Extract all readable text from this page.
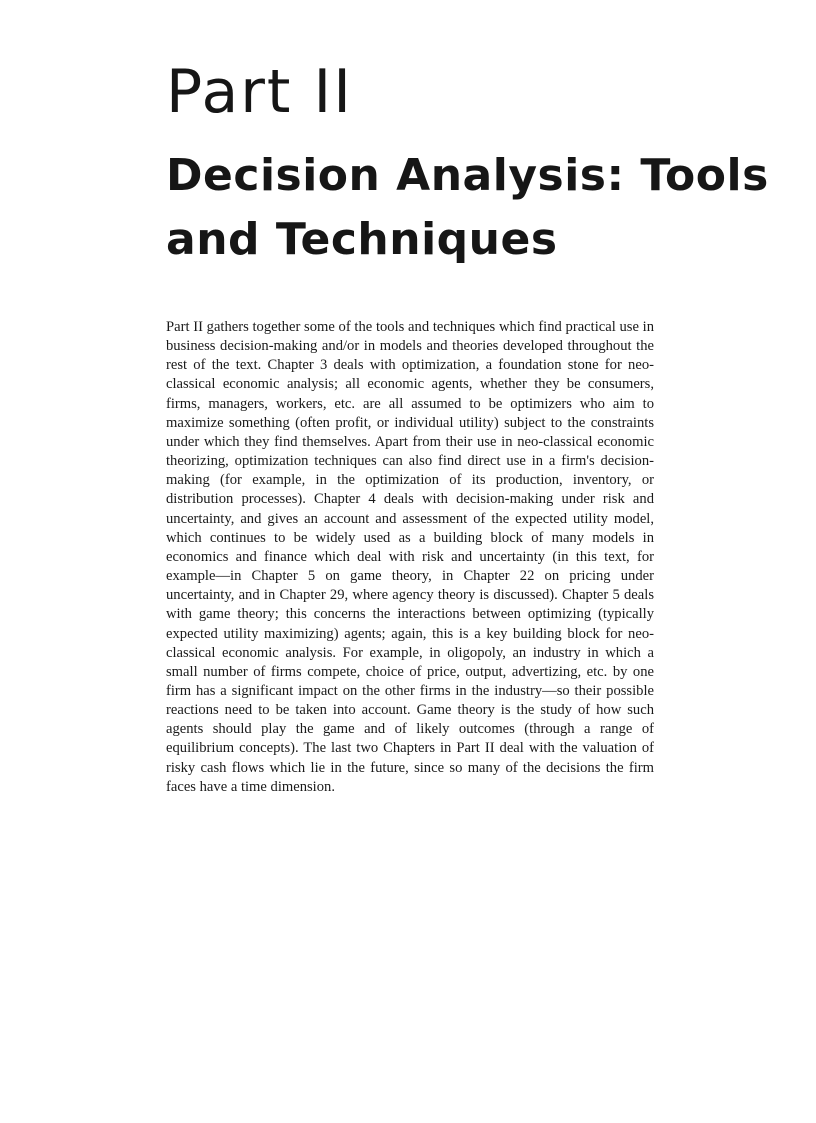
Part II
Decision Analysis: Tools and Techniques

Part II gathers together some of the tools and techniques which find practical use in business decision-making and/or in models and theories developed throughout the rest of the text. Chapter 3 deals with optimization, a foundation stone for neo-classical economic analysis; all economic agents, whether they be consumers, firms, managers, workers, etc. are all assumed to be optimizers who aim to maximize something (often profit, or individual utility) subject to the constraints under which they find themselves. Apart from their use in neo-classical economic theorizing, optimization techniques can also find direct use in a firm's decision-making (for example, in the optimization of its production, inventory, or distribution processes). Chapter 4 deals with decision-making under risk and uncertainty, and gives an account and assessment of the expected utility model, which continues to be widely used as a building block of many models in economics and finance which deal with risk and uncertainty (in this text, for example—in Chapter 5 on game theory, in Chapter 22 on pricing under uncertainty, and in Chapter 29, where agency theory is discussed). Chapter 5 deals with game theory; this concerns the interactions between optimizing (typically expected utility maximizing) agents; again, this is a key building block for neo-classical economic analysis. For example, in oligopoly, an industry in which a small number of firms compete, choice of price, output, advertizing, etc. by one firm has a significant impact on the other firms in the industry—so their possible reactions need to be taken into account. Game theory is the study of how such agents should play the game and of likely outcomes (through a range of equilibrium concepts). The last two Chapters in Part II deal with the valuation of risky cash flows which lie in the future, since so many of the decisions the firm faces have a time dimension.
